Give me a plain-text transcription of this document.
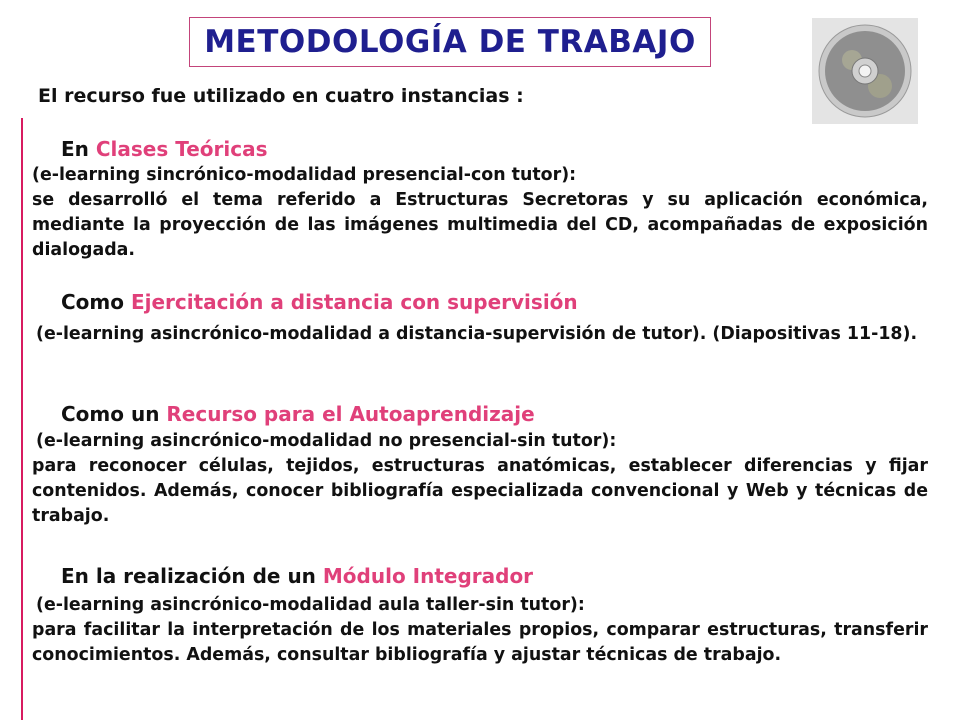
METODOLOGÍA DE TRABAJO
El recurso fue utilizado en cuatro instancias :
En Clases Teóricas
(e-learning sincrónico-modalidad presencial-con tutor):
se desarrolló el tema referido a Estructuras Secretoras y su aplicación económica, mediante la proyección de las imágenes multimedia del CD, acompañadas de exposición dialogada.
Como Ejercitación a distancia con supervisión
(e-learning asincrónico-modalidad a distancia-supervisión de tutor). (Diapositivas 11-18).
Como un Recurso para el Autoaprendizaje
(e-learning asincrónico-modalidad no presencial-sin tutor):
para reconocer células, tejidos, estructuras anatómicas, establecer diferencias y fijar contenidos. Además, conocer bibliografía especializada convencional y Web y técnicas de trabajo.
En la realización de un Módulo Integrador
(e-learning asincrónico-modalidad aula taller-sin tutor):
para facilitar la interpretación de los materiales propios, comparar estructuras, transferir conocimientos. Además, consultar bibliografía y ajustar técnicas de trabajo.
